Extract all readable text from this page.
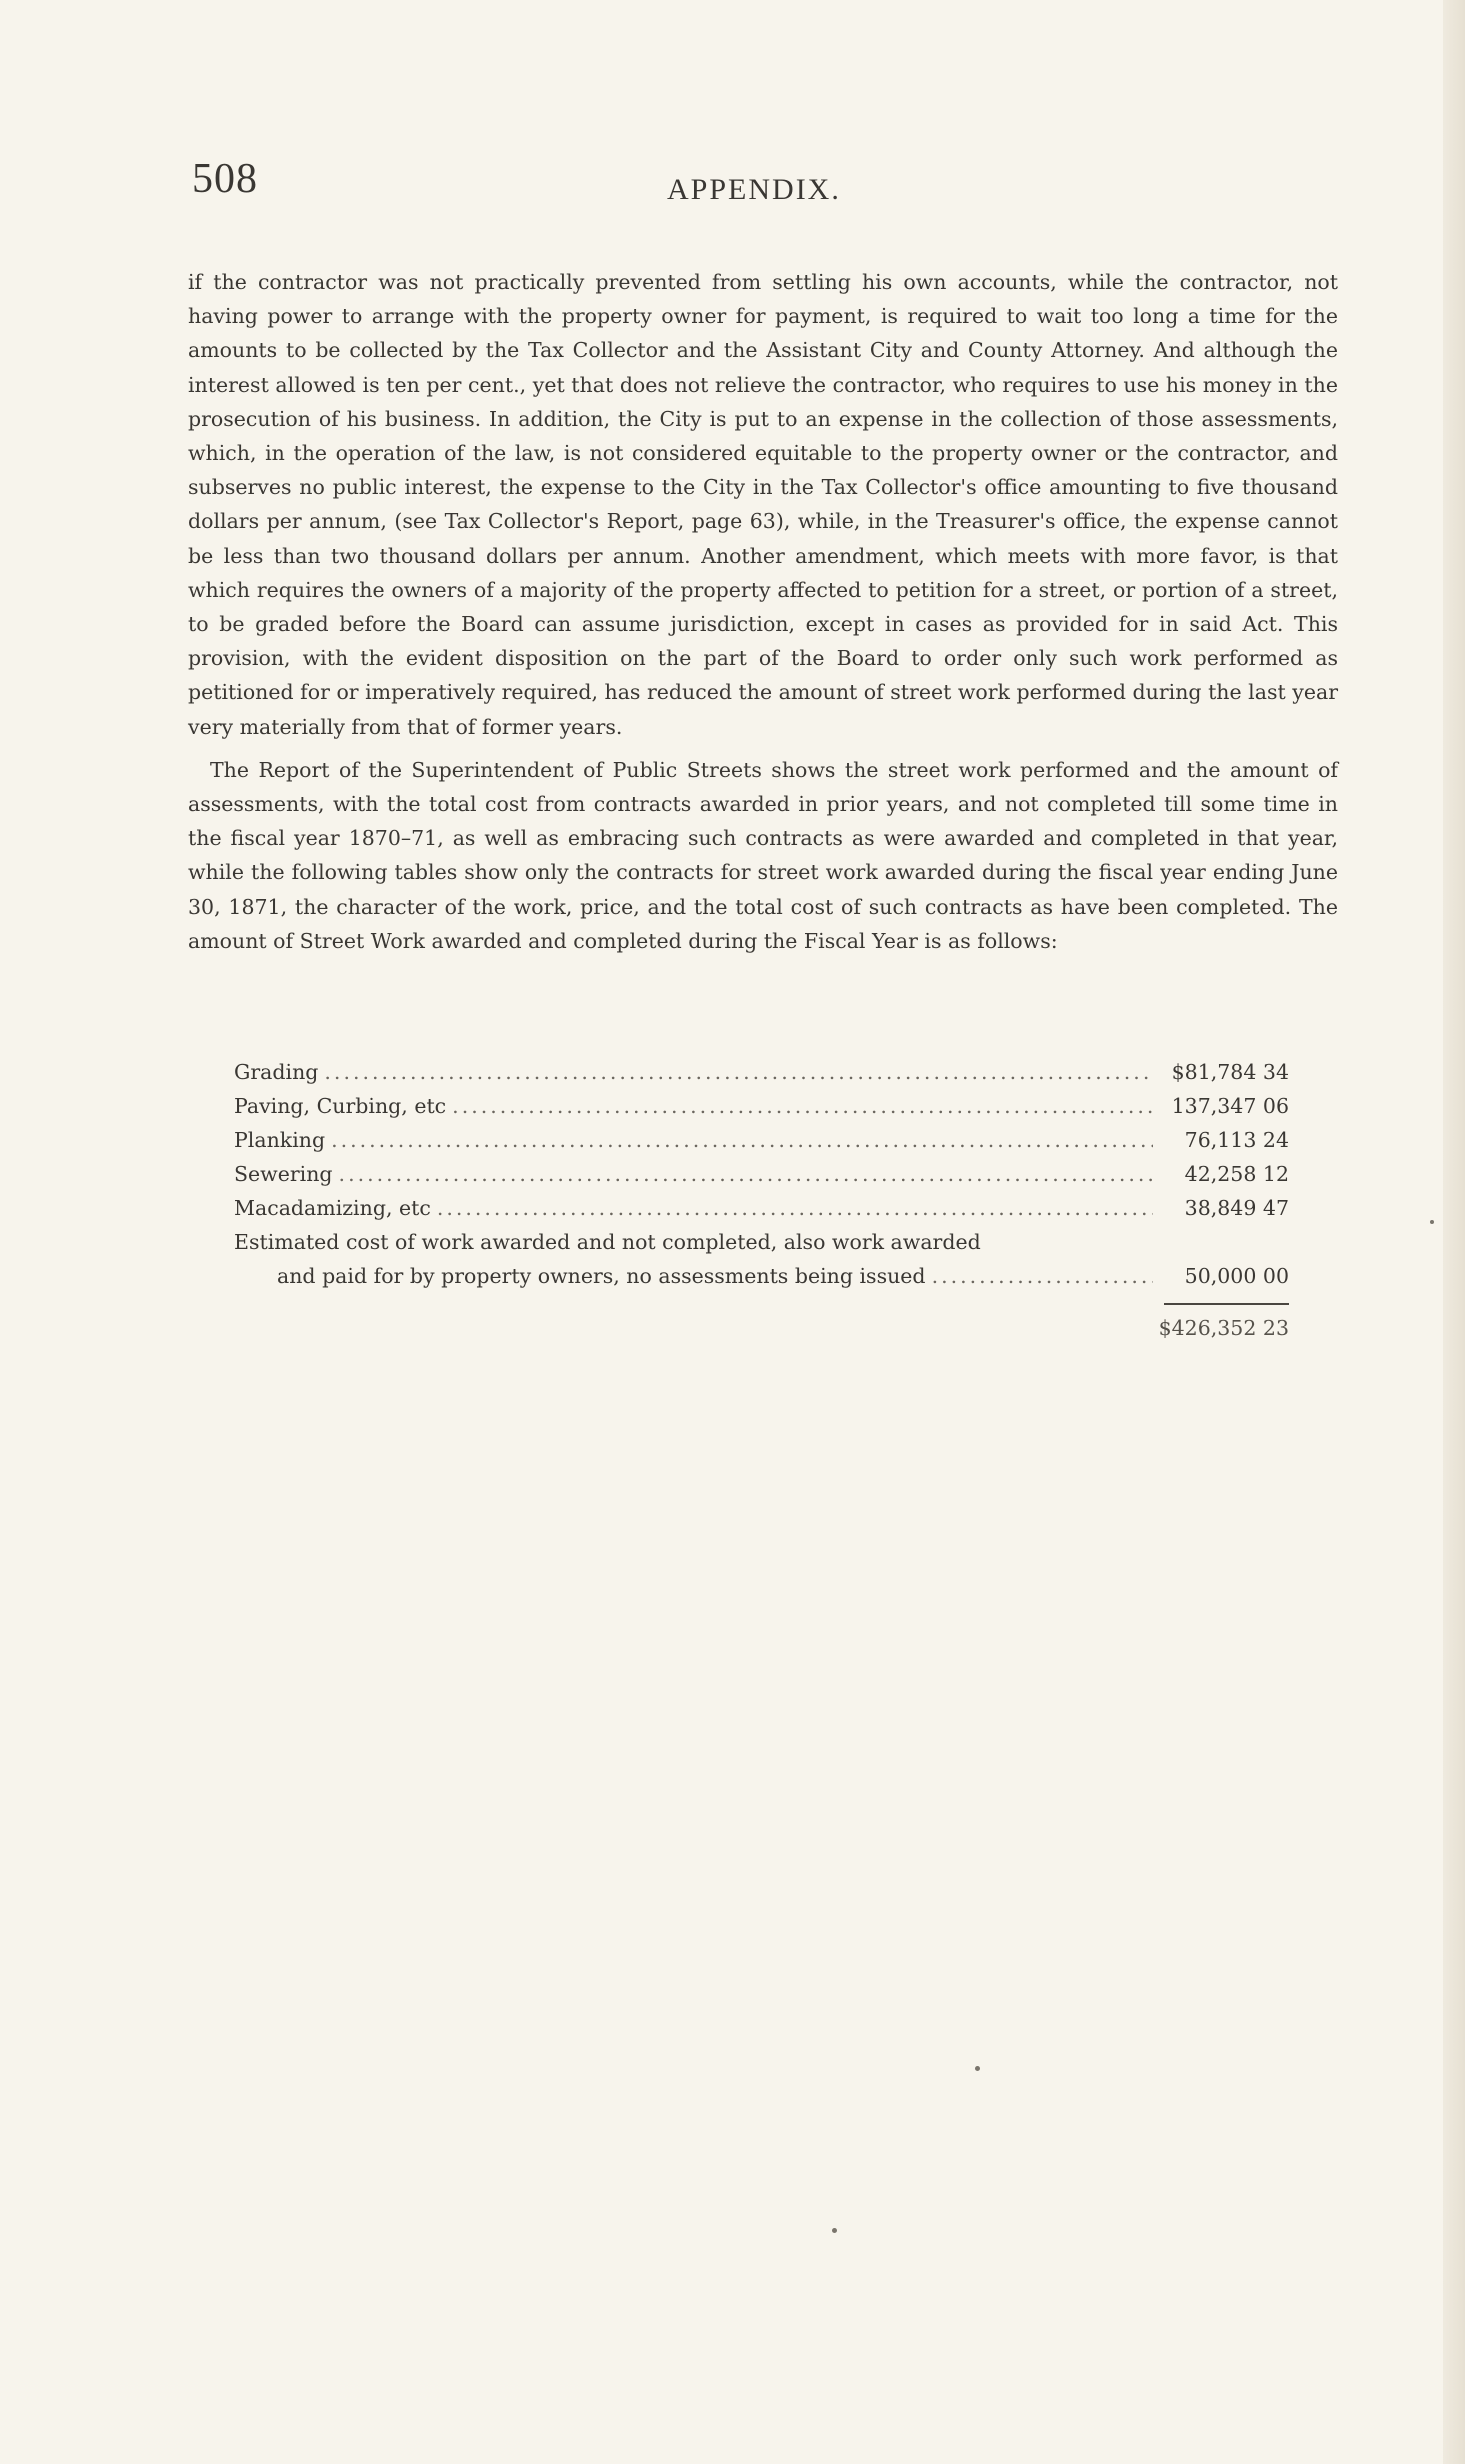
508	APPENDIX.

if the contractor was not practically prevented from settling his own accounts, while the contractor, not having power to arrange with the property owner for payment, is required to wait too long a time for the amounts to be collected by the Tax Collector and the Assistant City and County Attorney. And although the interest allowed is ten per cent., yet that does not relieve the contractor, who requires to use his money in the prosecution of his business. In addition, the City is put to an expense in the collection of those assessments, which, in the operation of the law, is not considered equitable to the property owner or the contractor, and subserves no public interest, the expense to the City in the Tax Collector's office amounting to five thousand dollars per annum, (see Tax Collector's Report, page 63), while, in the Treasurer's office, the expense cannot be less than two thousand dollars per annum. Another amendment, which meets with more favor, is that which requires the owners of a majority of the property affected to petition for a street, or portion of a street, to be graded before the Board can assume jurisdiction, except in cases as provided for in said Act. This provision, with the evident disposition on the part of the Board to order only such work performed as petitioned for or imperatively required, has reduced the amount of street work performed during the last year very materially from that of former years.

The Report of the Superintendent of Public Streets shows the street work performed and the amount of assessments, with the total cost from contracts awarded in prior years, and not completed till some time in the fiscal year 1870–71, as well as embracing such contracts as were awarded and completed in that year, while the following tables show only the contracts for street work awarded during the fiscal year ending June 30, 1871, the character of the work, price, and the total cost of such contracts as have been completed. The amount of Street Work awarded and completed during the Fiscal Year is as follows:

Grading .....	$81,784 34
Paving, Curbing, etc .....	137,347 06
Planking .....	76,113 24
Sewering .....	42,258 12
Macadamizing, etc .....	38,849 47
Estimated cost of work awarded and not completed, also work awarded
and paid for by property owners, no assessments being issued .....	50,000 00
$426,352 23
